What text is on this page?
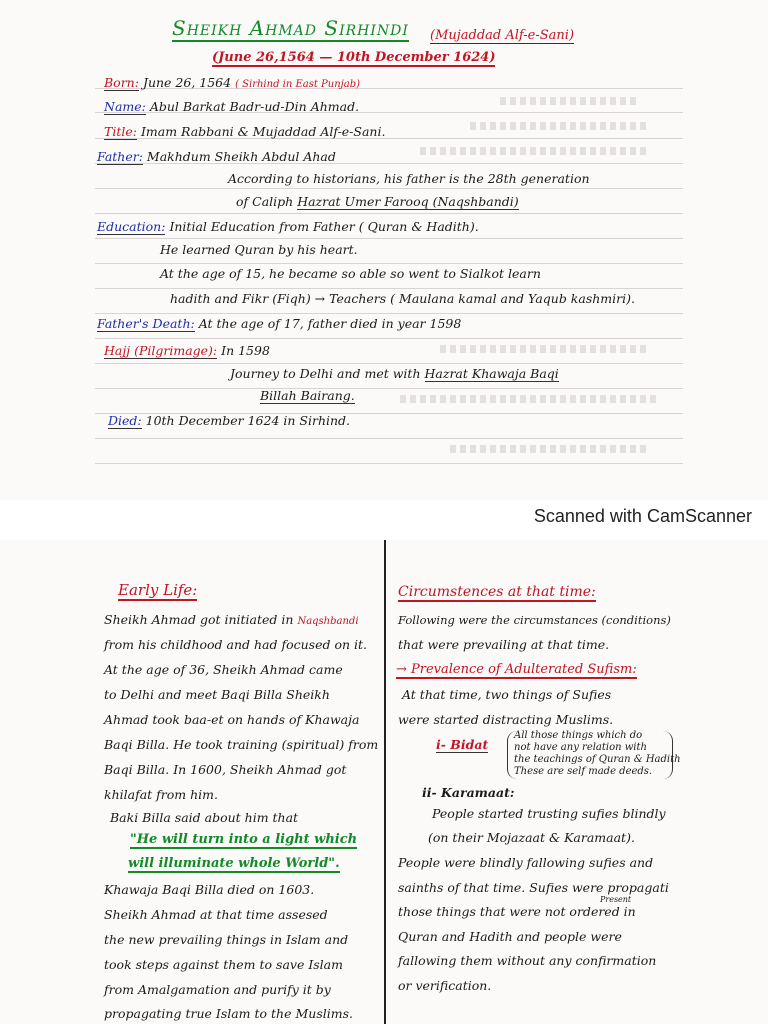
Sheikh Ahmad Sirhindi (Mujaddad Alf-e-Sani)
(June 26,1564 — 10th December 1624)
Born: June 26, 1564 ( Sirhind in East Punjab)
Name: Abul Barkat Badr-ud-Din Ahmad.
Title: Imam Rabbani & Mujaddad Alf-e-Sani.
Father: Makhdum Sheikh Abdul Ahad
According to historians, his father is the 28th generation
of Caliph Hazrat Umer Farooq (Naqshbandi)
Education: Initial Education from Father ( Quran & Hadith).
He learned Quran by his heart.
At the age of 15, he became so able so went to Sialkot learn
hadith and Fikr (Fiqh) → Teachers ( Maulana kamal and Yaqub kashmiri).
Father's Death: At the age of 17, father died in year 1598
Hajj (Pilgrimage): In 1598
Journey to Delhi and met with Hazrat Khawaja Baqi
Billah Bairang.
Died: 10th December 1624 in Sirhind.
Scanned with CamScanner
Early Life:
Sheikh Ahmad got initiated in Naqshbandi
from his childhood and had focused on it.
At the age of 36, Sheikh Ahmad came
to Delhi and meet Baqi Billa Sheikh
Ahmad took baa-et on hands of Khawaja
Baqi Billa. He took training (spiritual) from
Baqi Billa. In 1600, Sheikh Ahmad got
khilafat from him.
Baki Billa said about him that
"He will turn into a light which
will illuminate whole World".
Khawaja Baqi Billa died on 1603.
Sheikh Ahmad at that time assesed
the new prevailing things in Islam and
took steps against them to save Islam
from Amalgamation and purify it by
propagating true Islam to the Muslims.
Circumstences at that time:
Following were the circumstances (conditions)
that were prevailing at that time.
→ Prevalence of Adulterated Sufism:
At that time, two things of Sufies
were started distracting Muslims.
i- Bidat
All those things which do
not have any relation with
the teachings of Quran & Hadith
These are self made deeds.
ii- Karamaat:
People started trusting sufies blindly
(on their Mojazaat & Karamaat).
People were blindly fallowing sufies and
sainths of that time. Sufies were propagati
Present
those things that were not ordered in
Quran and Hadith and people were
fallowing them without any confirmation
or verification.
